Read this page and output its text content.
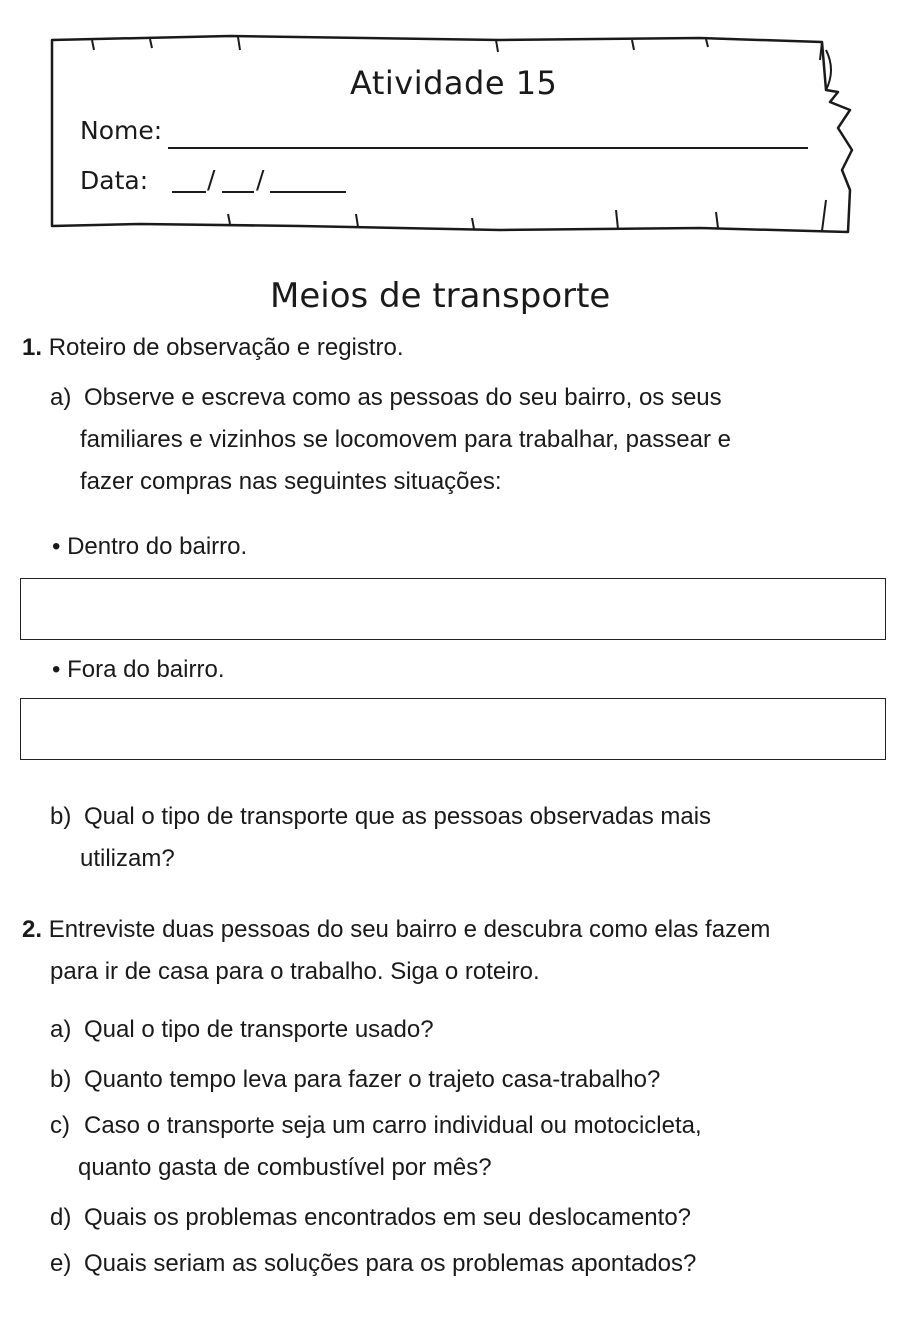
Atividade 15
Nome:
Data: / /
Meios de transporte
1. Roteiro de observação e registro.
a) Observe e escreva como as pessoas do seu bairro, os seus
familiares e vizinhos se locomovem para trabalhar, passear e
fazer compras nas seguintes situações:
• Dentro do bairro.
• Fora do bairro.
b) Qual o tipo de transporte que as pessoas observadas mais
utilizam?
2. Entreviste duas pessoas do seu bairro e descubra como elas fazem
para ir de casa para o trabalho. Siga o roteiro.
a) Qual o tipo de transporte usado?
b) Quanto tempo leva para fazer o trajeto casa-trabalho?
c) Caso o transporte seja um carro individual ou motocicleta,
quanto gasta de combustível por mês?
d) Quais os problemas encontrados em seu deslocamento?
e) Quais seriam as soluções para os problemas apontados?
